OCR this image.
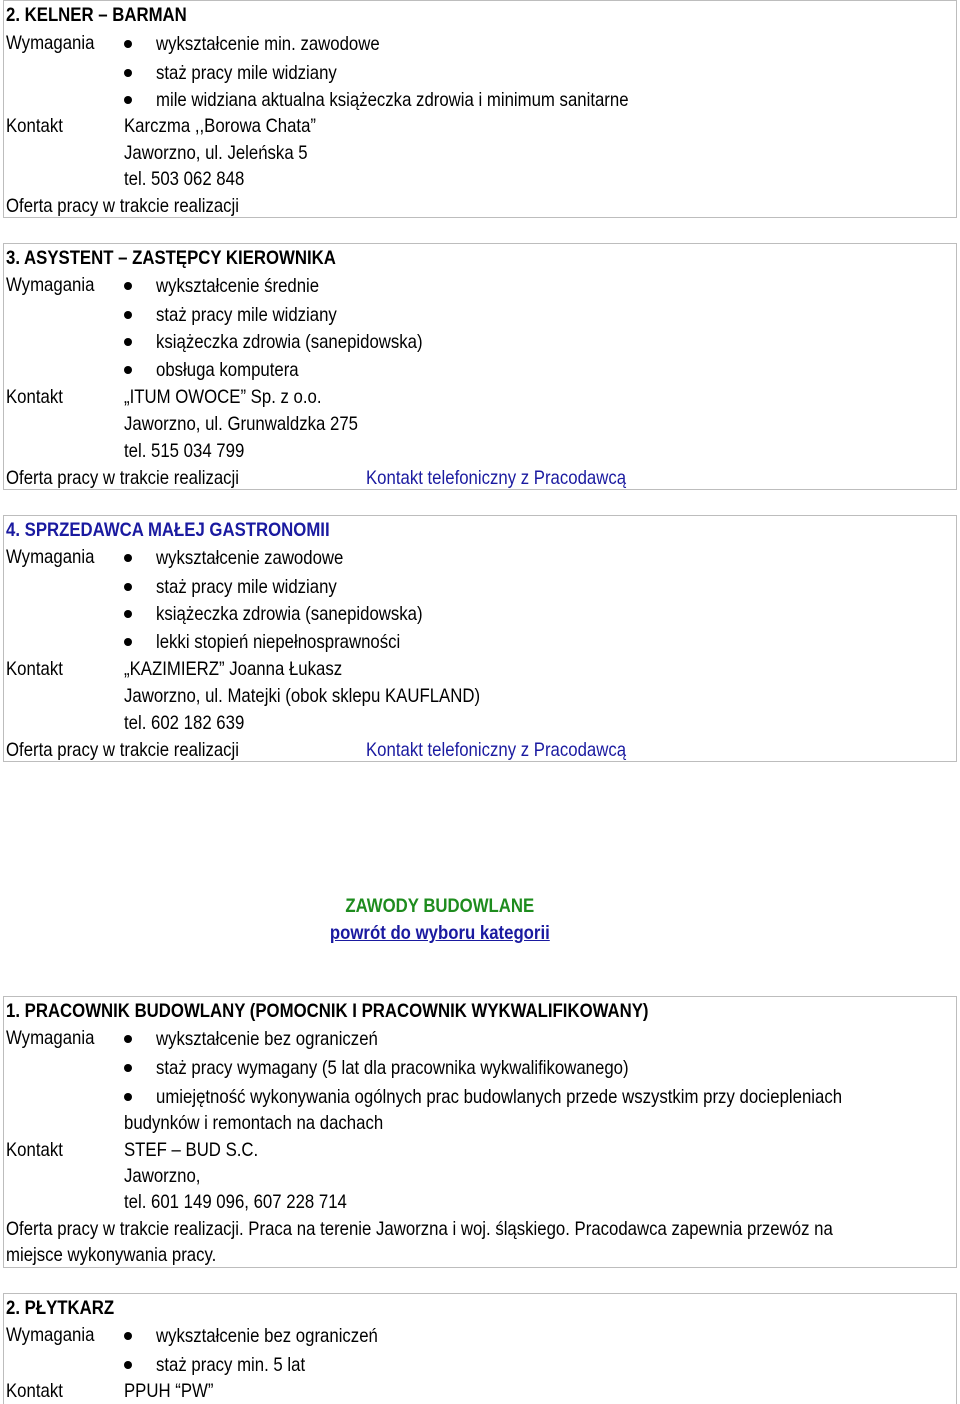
2. KELNER – BARMAN
Wymagania	wykształcenie min. zawodowe
staż pracy mile widziany
mile widziana aktualna książeczka zdrowia i minimum sanitarne
Kontakt	Karczma ,,Borowa Chata”
Jaworzno, ul. Jeleńska 5
tel. 503 062 848
Oferta pracy w trakcie realizacji
3. ASYSTENT – ZASTĘPCY KIEROWNIKA
Wymagania	wykształcenie średnie
staż pracy mile widziany
książeczka zdrowia (sanepidowska)
obsługa komputera
Kontakt	„ITUM OWOCE” Sp. z o.o.
Jaworzno, ul. Grunwaldzka 275
tel. 515 034 799
Oferta pracy w trakcie realizacji	Kontakt telefoniczny z Pracodawcą
4. SPRZEDAWCA MAŁEJ GASTRONOMII
Wymagania	wykształcenie zawodowe
staż pracy mile widziany
książeczka zdrowia (sanepidowska)
lekki stopień niepełnosprawności
Kontakt	„KAZIMIERZ” Joanna Łukasz
Jaworzno, ul. Matejki (obok sklepu KAUFLAND)
tel. 602 182 639
Oferta pracy w trakcie realizacji	Kontakt telefoniczny z Pracodawcą
ZAWODY BUDOWLANE
powrót do wyboru kategorii
1. PRACOWNIK BUDOWLANY (POMOCNIK I PRACOWNIK WYKWALIFIKOWANY)
Wymagania	wykształcenie bez ograniczeń
staż pracy wymagany (5 lat dla pracownika wykwalifikowanego)
umiejętność wykonywania ogólnych prac budowlanych przede wszystkim przy dociepleniach
budynków i remontach na dachach
Kontakt	STEF – BUD S.C.
Jaworzno,
tel. 601 149 096, 607 228 714
Oferta pracy w trakcie realizacji. Praca na terenie Jaworzna i woj. śląskiego. Pracodawca zapewnia przewóz na
miejsce wykonywania pracy.
2. PŁYTKARZ
Wymagania	wykształcenie bez ograniczeń
staż pracy min. 5 lat
Kontakt	PPUH “PW”
